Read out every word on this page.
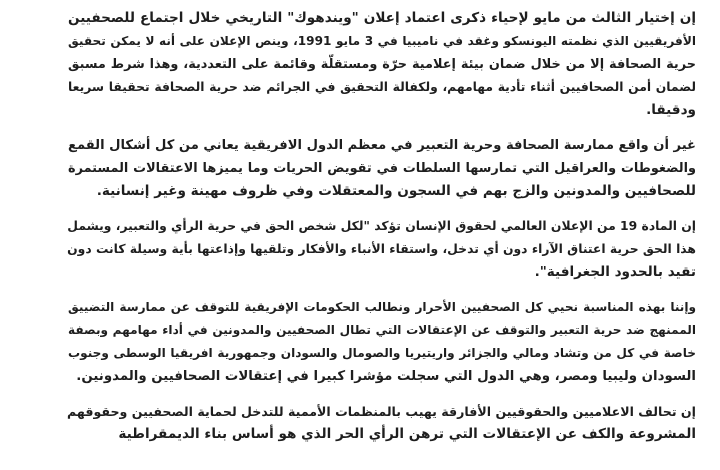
إن إختيار الثالث من مايو لإحياء ذكرى اعتماد إعلان "ويندهوك" التاريخي خلال اجتماع للصحفيين
الأفريقيين الذي نظمته اليونسكو وغقد في ناميبيا في 3 مايو 1991، وينص الإعلان على أنه لا يمكن تحقيق
حرية الصحافة إلا من خلال ضمان بيئة إعلامية حرّة ومستقلّة وقائمة على التعددية، وهذا شرط مسبق
لضمان أمن الصحافيين أثناء تأدية مهامهم، ولكفالة التحقيق في الجرائم ضد حرية الصحافة تحقيقا سريعا
ودقيقا.

غير أن واقع ممارسة الصحافة وحرية التعبير في معظم الدول الافريقية يعاني من كل أشكال القمع
والضغوطات والعراقيل التي تمارسها السلطات في تقويض الحريات وما يميزها الاعتقالات المستمرة
للصحافيين والمدونين والزج بهم في السجون والمعتقلات وفي ظروف مهينة وغير إنسانية.

إن المادة 19 من الإعلان العالمي لحقوق الإنسان تؤكد "لكل شخص الحق في حرية الرأي والتعبير، ويشمل
هذا الحق حرية اعتناق الآراء دون أي تدخل، واستقاء الأنباء والأفكار وتلقيها وإذاعتها بأية وسيلة كانت دون
تقيد بالحدود الجغرافية".

وإننا بهذه المناسبة نحيي كل الصحفيين الأحرار ونطالب الحكومات الإفريقية للتوقف عن ممارسة التضييق
الممنهج ضد حرية التعبير والتوقف عن الإعتقالات التي تطال الصحفيين والمدونين في أداء مهامهم وبصفة
خاصة في كل من وتشاد ومالي والجزائر واريتيريا والصومال والسودان وجمهورية افريقيا الوسطى وجنوب
السودان وليبيا ومصر، وهي الدول التي سجلت مؤشرا كبيرا في إعتقالات الصحافيين والمدونين.

إن تحالف الاعلاميين والحقوقيين الأفارقة يهيب بالمنظمات الأممية للتدخل لحماية الصحفيين وحقوقهم
المشروعة والكف عن الإعتقالات التي ترهن الرأي الحر الذي هو أساس بناء الديمقراطية
